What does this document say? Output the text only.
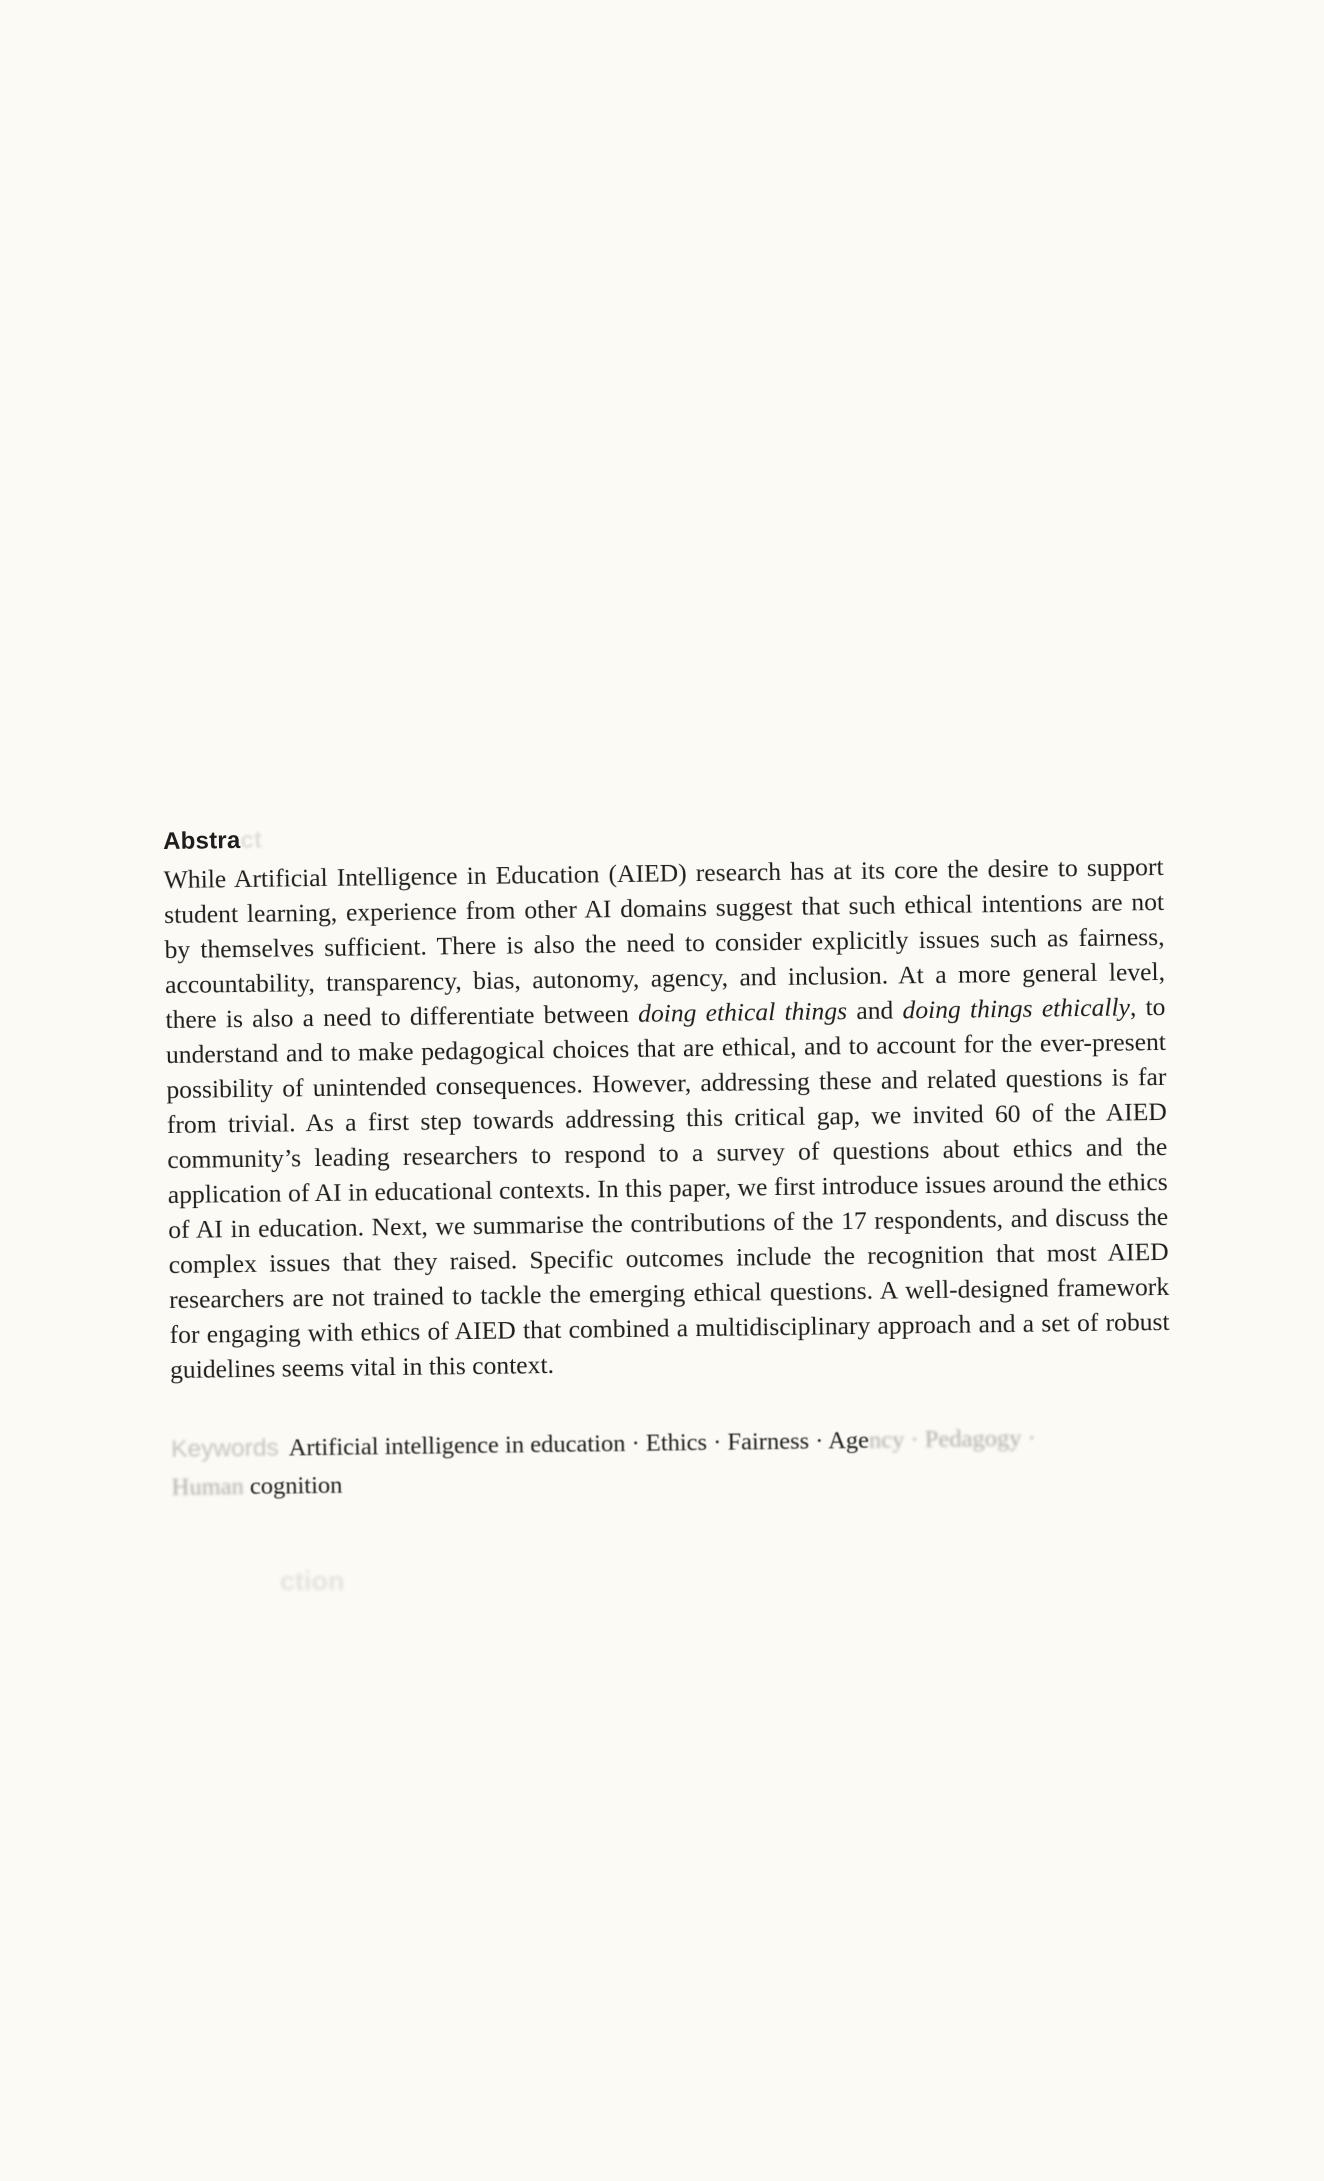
Abstract

While Artificial Intelligence in Education (AIED) research has at its core the desire to support student learning, experience from other AI domains suggest that such ethical intentions are not by themselves sufficient. There is also the need to consider explicitly issues such as fairness, accountability, transparency, bias, autonomy, agency, and inclusion. At a more general level, there is also a need to differentiate between doing ethical things and doing things ethically, to understand and to make pedagogical choices that are ethical, and to account for the ever-present possibility of unintended consequences. However, addressing these and related questions is far from trivial. As a first step towards addressing this critical gap, we invited 60 of the AIED community’s leading researchers to respond to a survey of questions about ethics and the application of AI in educational contexts. In this paper, we first introduce issues around the ethics of AI in education. Next, we summarise the contributions of the 17 respondents, and discuss the complex issues that they raised. Specific outcomes include the recognition that most AIED researchers are not trained to tackle the emerging ethical questions. A well-designed framework for engaging with ethics of AIED that combined a multidisciplinary approach and a set of robust guidelines seems vital in this context.

Keywords Artificial intelligence in education · Ethics · Fairness · Agency · Pedagogy ·
Human cognition
ction
